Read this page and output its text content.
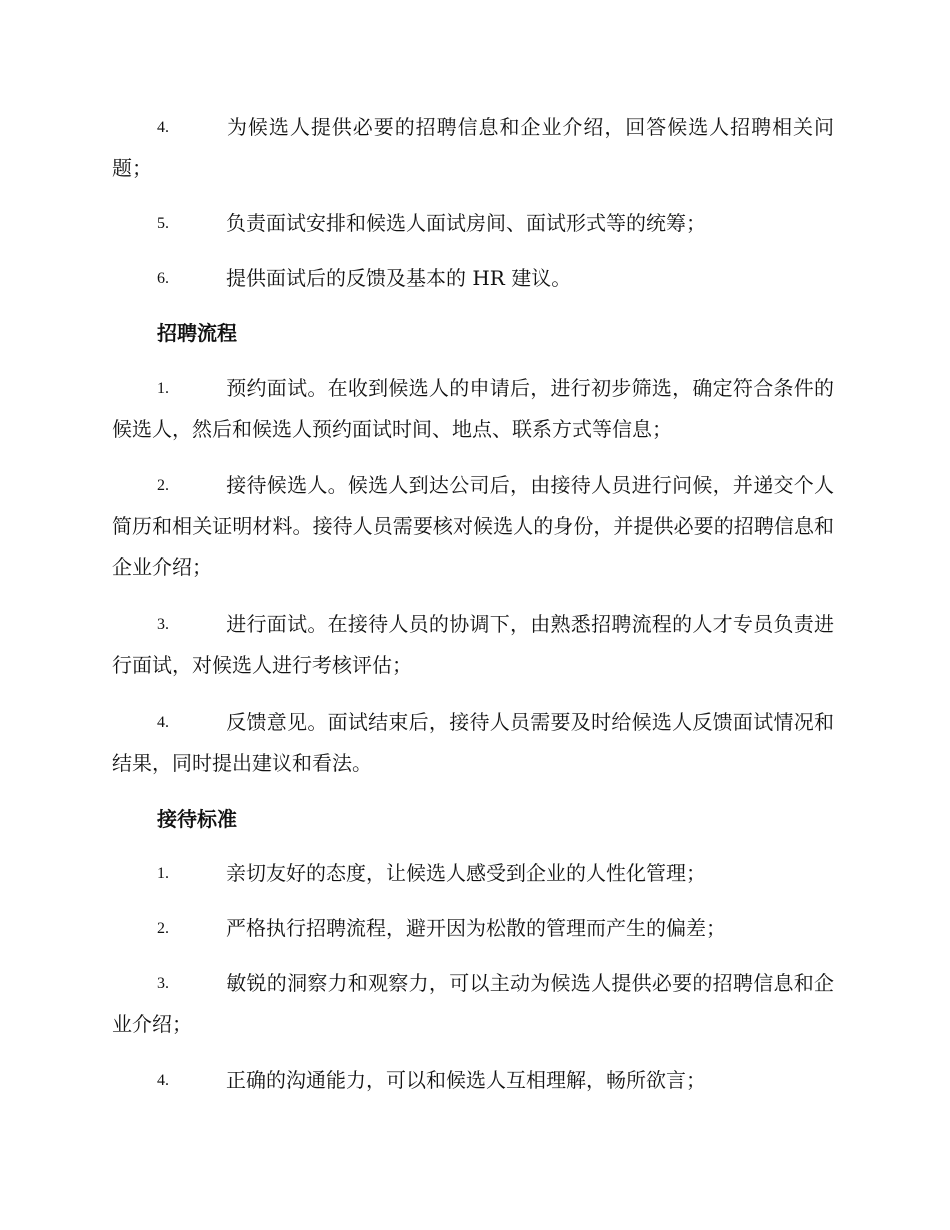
4.	为候选人提供必要的招聘信息和企业介绍，回答候选人招聘相关问题；

5.	负责面试安排和候选人面试房间、面试形式等的统筹；

6.	提供面试后的反馈及基本的 HR 建议。

招聘流程

1.	预约面试。在收到候选人的申请后，进行初步筛选，确定符合条件的候选人，然后和候选人预约面试时间、地点、联系方式等信息；

2.	接待候选人。候选人到达公司后，由接待人员进行问候，并递交个人简历和相关证明材料。接待人员需要核对候选人的身份，并提供必要的招聘信息和企业介绍；

3.	进行面试。在接待人员的协调下，由熟悉招聘流程的人才专员负责进行面试，对候选人进行考核评估；

4.	反馈意见。面试结束后，接待人员需要及时给候选人反馈面试情况和结果，同时提出建议和看法。

接待标准

1.	亲切友好的态度，让候选人感受到企业的人性化管理；

2.	严格执行招聘流程，避开因为松散的管理而产生的偏差；

3.	敏锐的洞察力和观察力，可以主动为候选人提供必要的招聘信息和企业介绍；

4.	正确的沟通能力，可以和候选人互相理解，畅所欲言；
